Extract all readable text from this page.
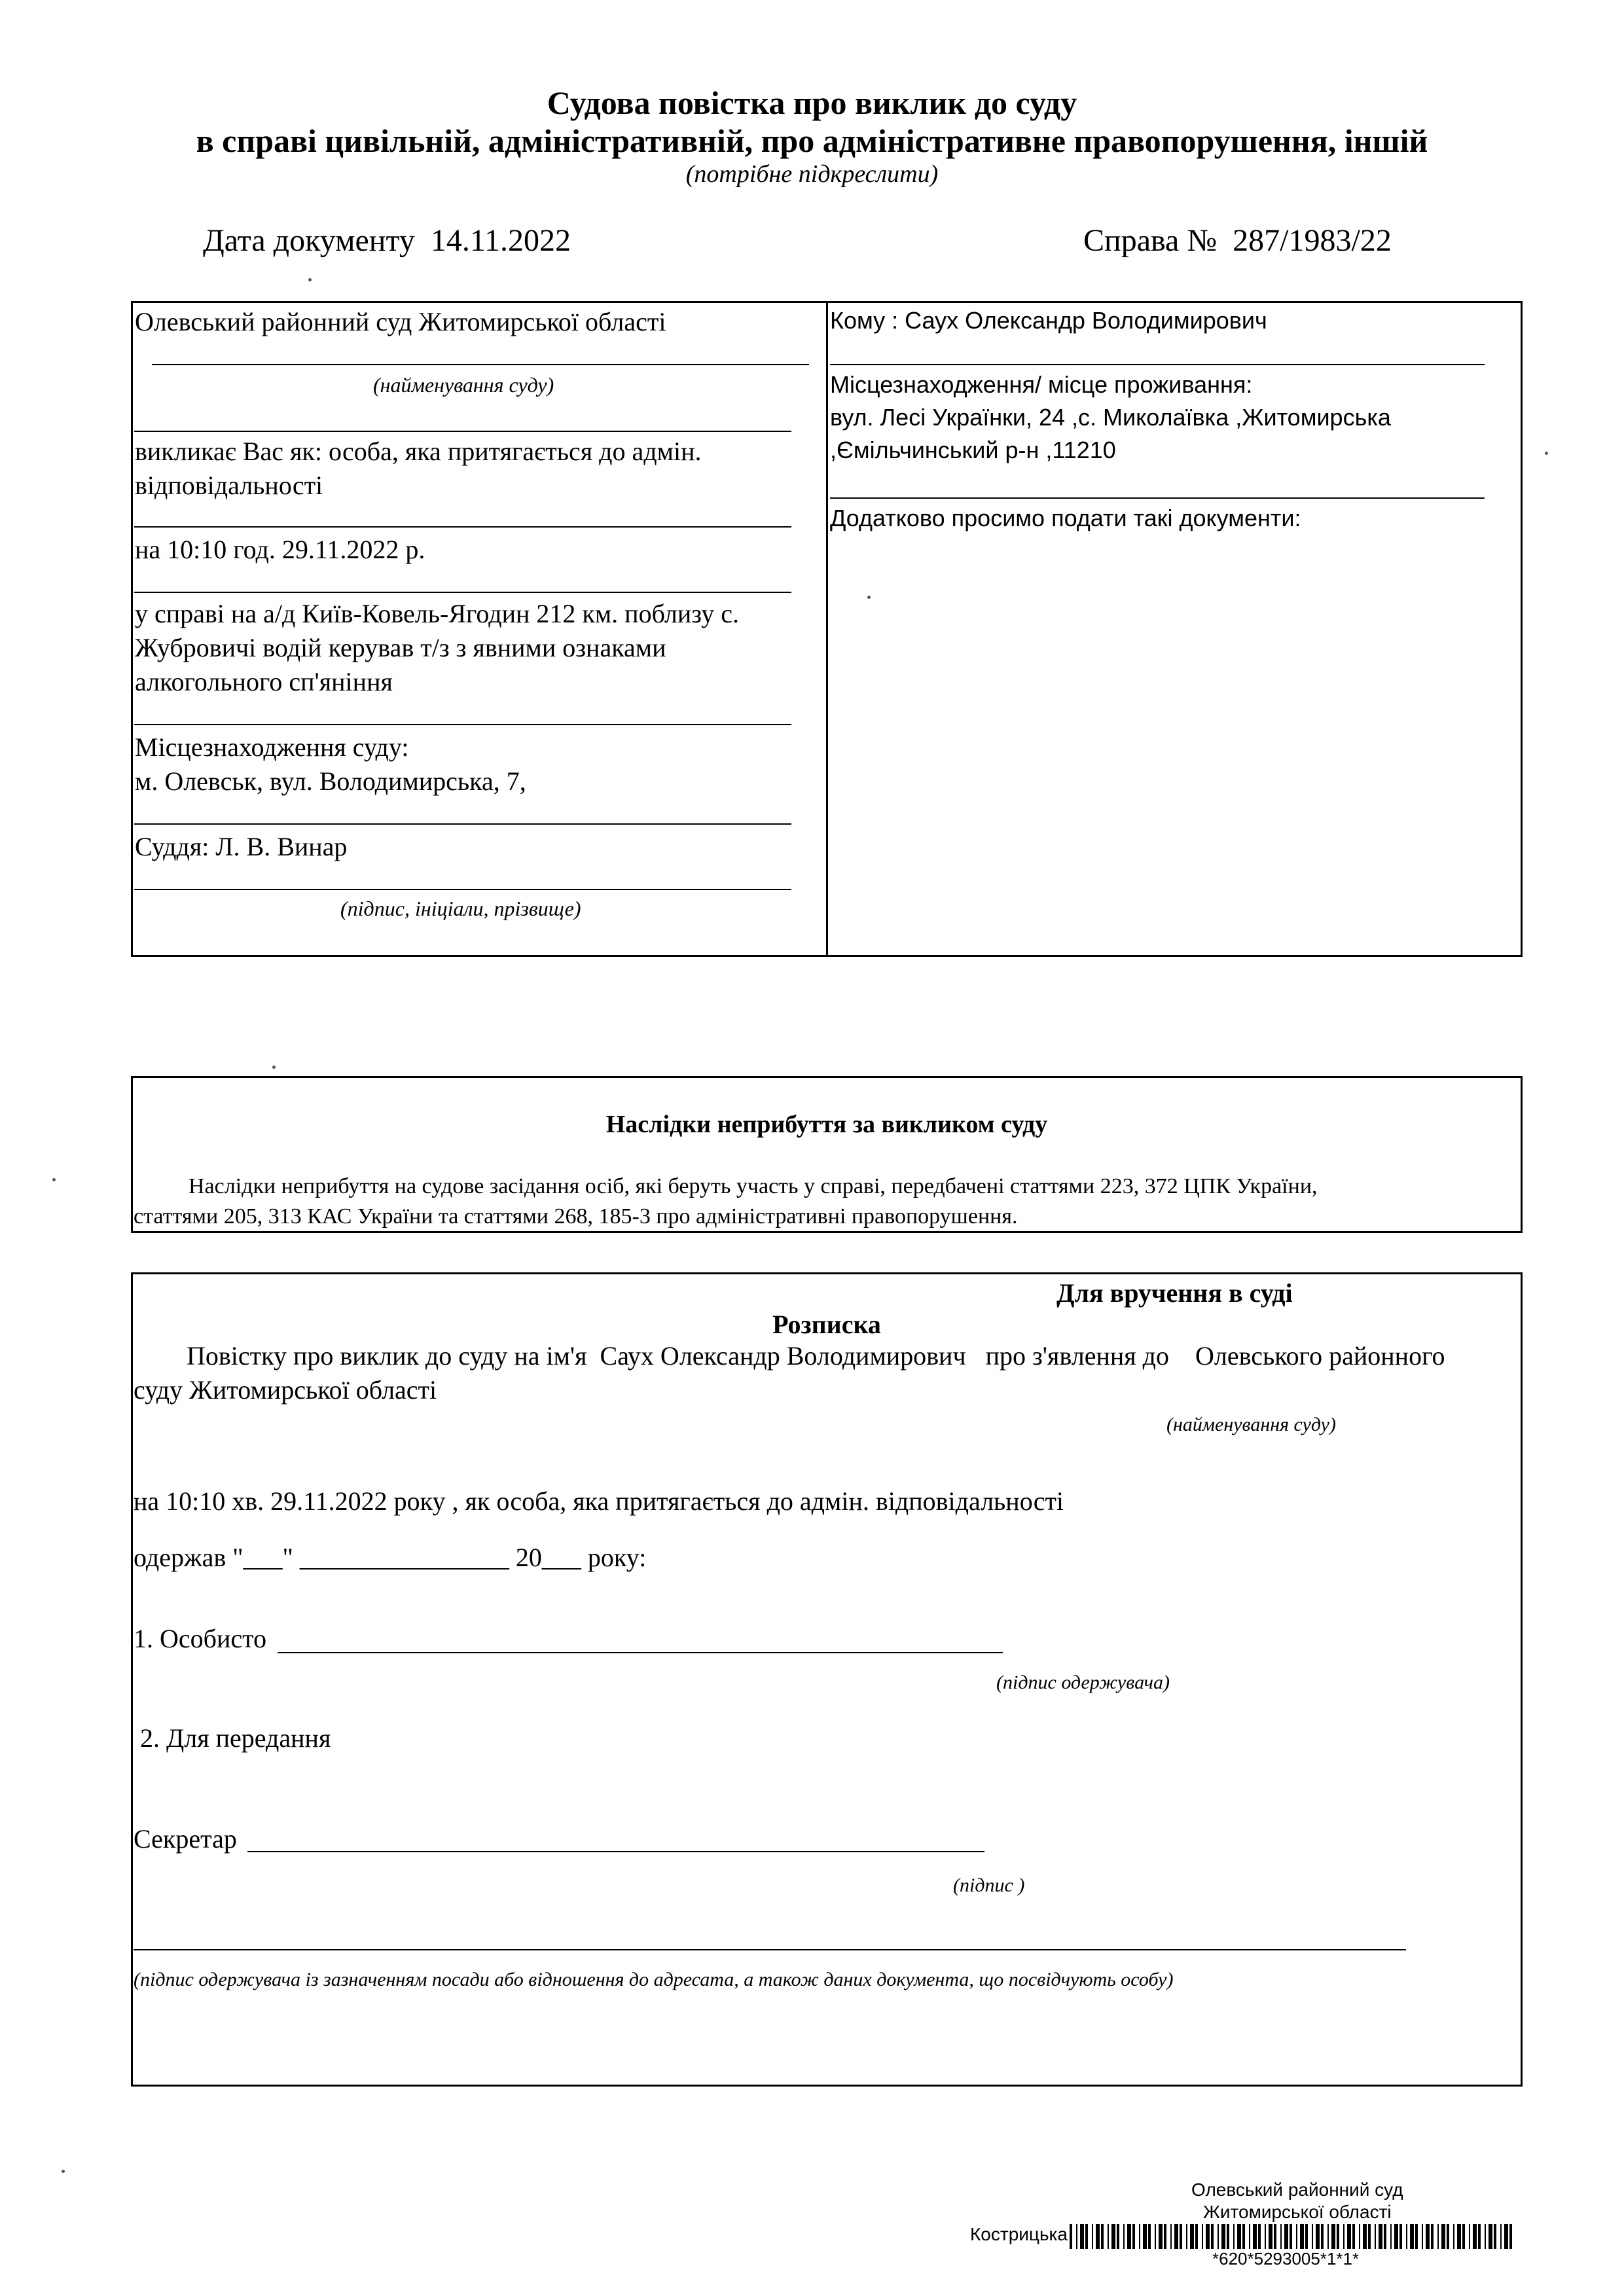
Судова повістка про виклик до суду
в справі цивільній, адміністративній, про адміністративне правопорушення, іншій
(потрібне підкреслити)
Дата документу 14.11.2022	Справа № 287/1983/22
Олевський районний суд Житомирської області
(найменування суду)
викликає Вас як: особа, яка притягається до адмін.
відповідальності
на 10:10 год. 29.11.2022 р.
у справі на а/д Київ-Ковель-Ягодин 212 км. поблизу с.
Жубровичі водій керував т/з з явними ознаками
алкогольного сп'яніння
Місцезнаходження суду:
м. Олевськ, вул. Володимирська, 7,
Суддя: Л. В. Винар
(підпис, ініціали, прізвище)
Кому : Саух Олександр Володимирович
Місцезнаходження/ місце проживання:
вул. Лесі Українки, 24 ,с. Миколаївка ,Житомирська
,Ємільчинський р-н ,11210
Додатково просимо подати такі документи:
Наслідки неприбуття за викликом суду
Наслідки неприбуття на судове засідання осіб, які беруть участь у справі, передбачені статтями 223, 372 ЦПК України,
статтями 205, 313 КАС України та статтями 268, 185-3 про адміністративні правопорушення.
Для вручення в суді
Розписка
Повістку про виклик до суду на ім'я Саух Олександр Володимирович про з'явлення до Олевського районного
суду Житомирської області
(найменування суду)
на 10:10 хв. 29.11.2022 року , як особа, яка притягається до адмін. відповідальності
одержав "___" ________________ 20___ року:
1. Особисто
(підпис одержувача)
2. Для передання
Секретар
(підпис )
(підпис одержувача із зазначенням посади або відношення до адресата, а також даних документа, що посвідчують особу)
Олевський районний суд
Житомирської області
Кострицька
*620*5293005*1*1*
